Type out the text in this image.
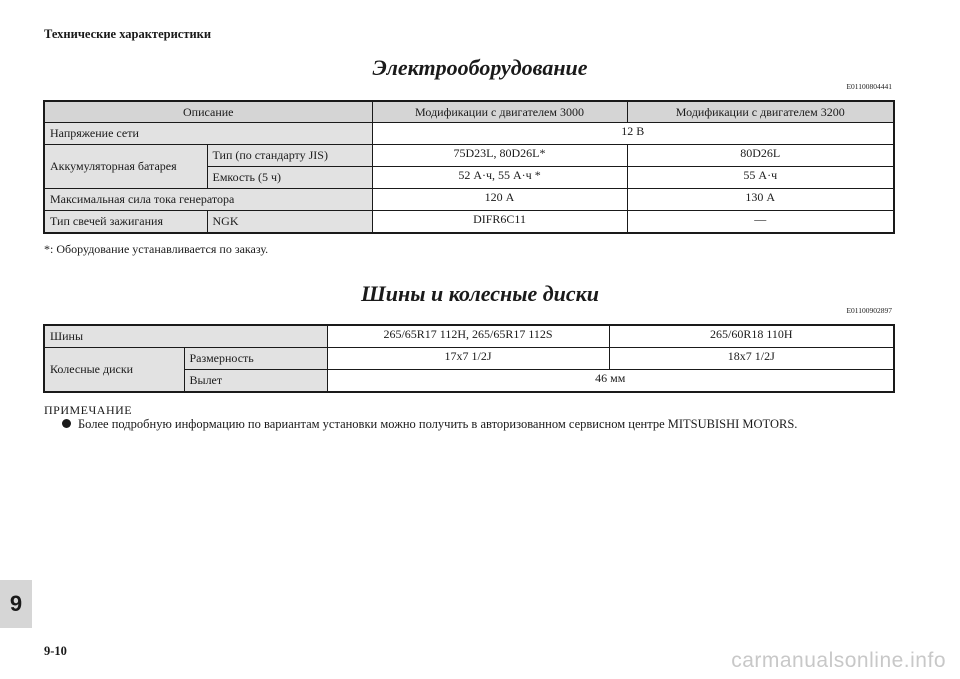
Технические характеристики
Электрооборудование
E01100804441
Описание		Модификации с двигателем 3000	Модификации с двигателем 3200
Напряжение сети		12 В	
Аккумуляторная батарея	Тип (по стандарту JIS)	75D23L, 80D26L*	80D26L
	Емкость (5 ч)	52 А·ч, 55 А·ч *	55 А·ч
Максимальная сила тока генератора		120 А	130 А
Тип свечей зажигания	NGK	DIFR6C11	—
*: Оборудование устанавливается по заказу.
Шины и колесные диски
E01100902897
Шины		265/65R17 112H, 265/65R17 112S	265/60R18 110H
Колесные диски	Размерность	17x7 1/2J	18x7 1/2J
	Вылет	46 мм	
ПРИМЕЧАНИЕ
Более подробную информацию по вариантам установки можно получить в авторизованном сервисном центре MITSUBISHI MOTORS.
9
9-10	carmanualsonline.info
